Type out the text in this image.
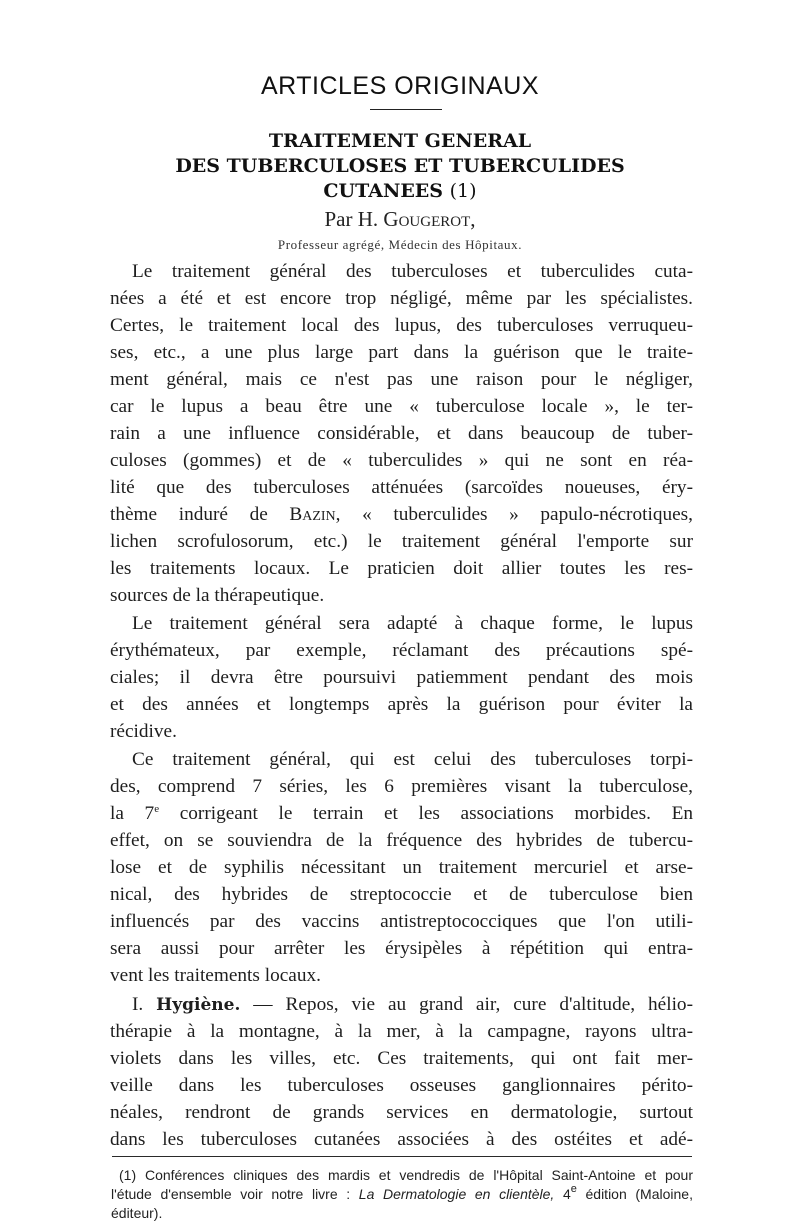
ARTICLES ORIGINAUX
TRAITEMENT GENERAL
DES TUBERCULOSES ET TUBERCULIDES
CUTANEES (1)
Par H. Gougerot,
Professeur agrégé, Médecin des Hôpitaux.
Le traitement général des tuberculoses et tuberculides cuta-
nées a été et est encore trop négligé, même par les spécialistes.
Certes, le traitement local des lupus, des tuberculoses verruqueu-
ses, etc., a une plus large part dans la guérison que le traite-
ment général, mais ce n'est pas une raison pour le négliger,
car le lupus a beau être une « tuberculose locale », le ter-
rain a une influence considérable, et dans beaucoup de tuber-
culoses (gommes) et de « tuberculides » qui ne sont en réa-
lité que des tuberculoses atténuées (sarcoïdes noueuses, éry-
thème induré de Bazin, « tuberculides » papulo-nécrotiques,
lichen scrofulosorum, etc.) le traitement général l'emporte sur
les traitements locaux. Le praticien doit allier toutes les res-
sources de la thérapeutique.
Le traitement général sera adapté à chaque forme, le lupus
érythémateux, par exemple, réclamant des précautions spé-
ciales; il devra être poursuivi patiemment pendant des mois
et des années et longtemps après la guérison pour éviter la
récidive.
Ce traitement général, qui est celui des tuberculoses torpi-
des, comprend 7 séries, les 6 premières visant la tuberculose,
la 7e corrigeant le terrain et les associations morbides. En
effet, on se souviendra de la fréquence des hybrides de tubercu-
lose et de syphilis nécessitant un traitement mercuriel et arse-
nical, des hybrides de streptococcie et de tuberculose bien
influencés par des vaccins antistreptococciques que l'on utili-
sera aussi pour arrêter les érysipèles à répétition qui entra-
vent les traitements locaux.
I. Hygiène. — Repos, vie au grand air, cure d'altitude, hélio-
thérapie à la montagne, à la mer, à la campagne, rayons ultra-
violets dans les villes, etc. Ces traitements, qui ont fait mer-
veille dans les tuberculoses osseuses ganglionnaires périto-
néales, rendront de grands services en dermatologie, surtout
dans les tuberculoses cutanées associées à des ostéites et adé-
(1) Conférences cliniques des mardis et vendredis de l'Hôpital Saint-Antoine et pour
l'étude d'ensemble voir notre livre : La Dermatologie en clientèle, 4e édition (Maloine,
éditeur).
